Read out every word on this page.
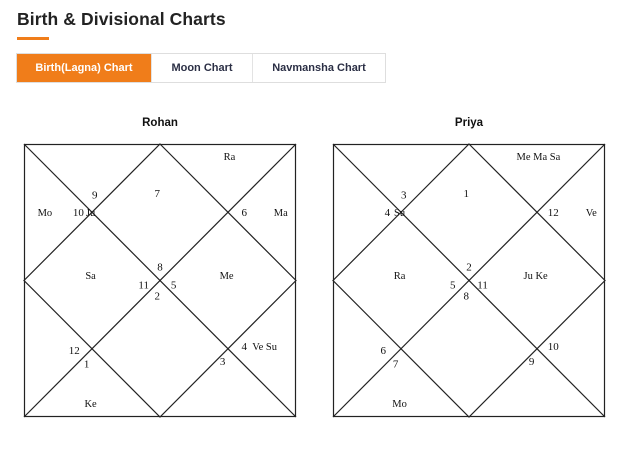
Birth & Divisional Charts
Birth(Lagna) Chart	Moon Chart	Navmansha Chart
Rohan	Priya
8
7
Ra
6	Ma
5
Me
4 Ve Su
3
2
1
Ke
12
11
Sa
10
Mo
9
Ju
2
1
Me Ma Sa
12	Ve
11
Ju Ke
10
9
8
7
Mo
6
5
Ra
4
3
Su
